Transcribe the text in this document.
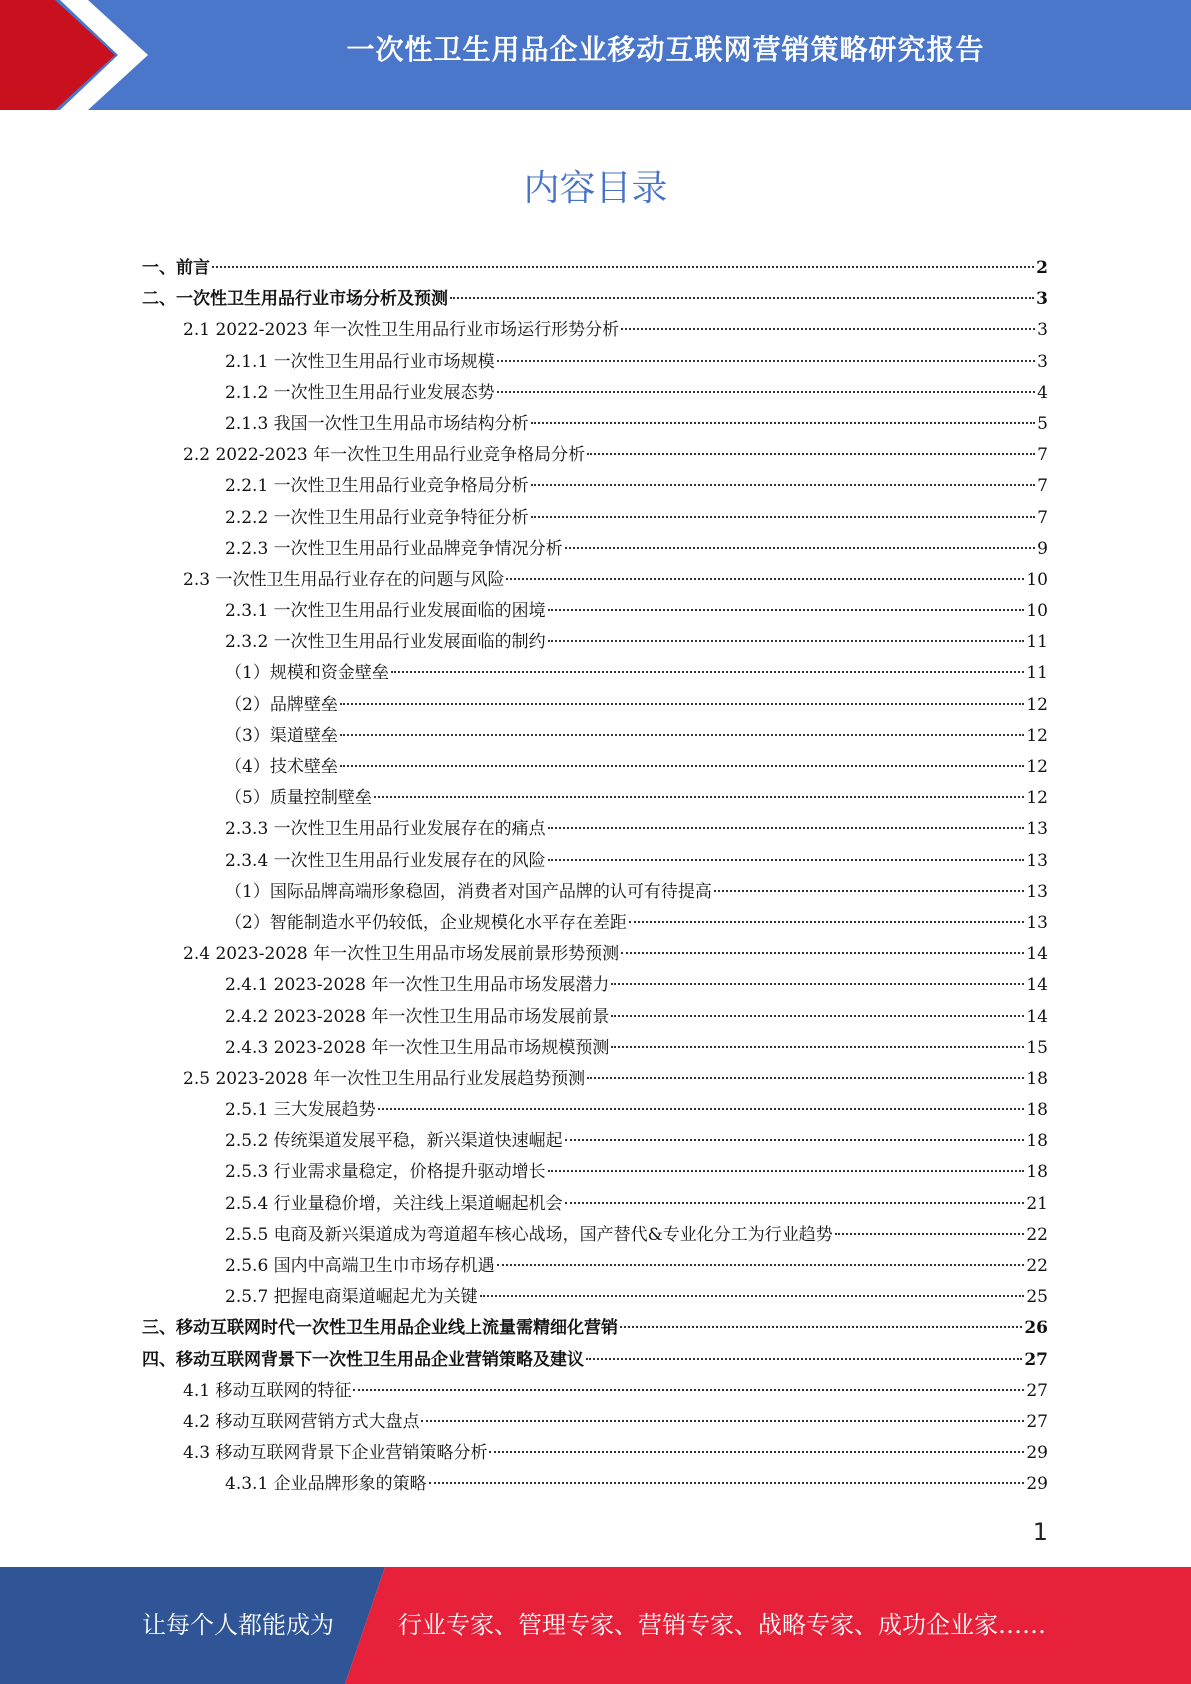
一次性卫生用品企业移动互联网营销策略研究报告
内容目录
一、前言	2
二、一次性卫生用品行业市场分析及预测	3
2.1 2022-2023 年一次性卫生用品行业市场运行形势分析	3
2.1.1 一次性卫生用品行业市场规模	3
2.1.2 一次性卫生用品行业发展态势	4
2.1.3 我国一次性卫生用品市场结构分析	5
2.2 2022-2023 年一次性卫生用品行业竞争格局分析	7
2.2.1 一次性卫生用品行业竞争格局分析	7
2.2.2 一次性卫生用品行业竞争特征分析	7
2.2.3 一次性卫生用品行业品牌竞争情况分析	9
2.3 一次性卫生用品行业存在的问题与风险	10
2.3.1 一次性卫生用品行业发展面临的困境	10
2.3.2 一次性卫生用品行业发展面临的制约	11
（1）规模和资金壁垒	11
（2）品牌壁垒	12
（3）渠道壁垒	12
（4）技术壁垒	12
（5）质量控制壁垒	12
2.3.3 一次性卫生用品行业发展存在的痛点	13
2.3.4 一次性卫生用品行业发展存在的风险	13
（1）国际品牌高端形象稳固，消费者对国产品牌的认可有待提高	13
（2）智能制造水平仍较低，企业规模化水平存在差距	13
2.4 2023-2028 年一次性卫生用品市场发展前景形势预测	14
2.4.1 2023-2028 年一次性卫生用品市场发展潜力	14
2.4.2 2023-2028 年一次性卫生用品市场发展前景	14
2.4.3 2023-2028 年一次性卫生用品市场规模预测	15
2.5 2023-2028 年一次性卫生用品行业发展趋势预测	18
2.5.1 三大发展趋势	18
2.5.2 传统渠道发展平稳，新兴渠道快速崛起	18
2.5.3 行业需求量稳定，价格提升驱动增长	18
2.5.4 行业量稳价增，关注线上渠道崛起机会	21
2.5.5 电商及新兴渠道成为弯道超车核心战场，国产替代&专业化分工为行业趋势	22
2.5.6 国内中高端卫生巾市场存机遇	22
2.5.7 把握电商渠道崛起尤为关键	25
三、移动互联网时代一次性卫生用品企业线上流量需精细化营销	26
四、移动互联网背景下一次性卫生用品企业营销策略及建议	27
4.1 移动互联网的特征	27
4.2 移动互联网营销方式大盘点	27
4.3 移动互联网背景下企业营销策略分析	29
4.3.1 企业品牌形象的策略	29
1
让每个人都能成为	行业专家、管理专家、营销专家、战略专家、成功企业家……
